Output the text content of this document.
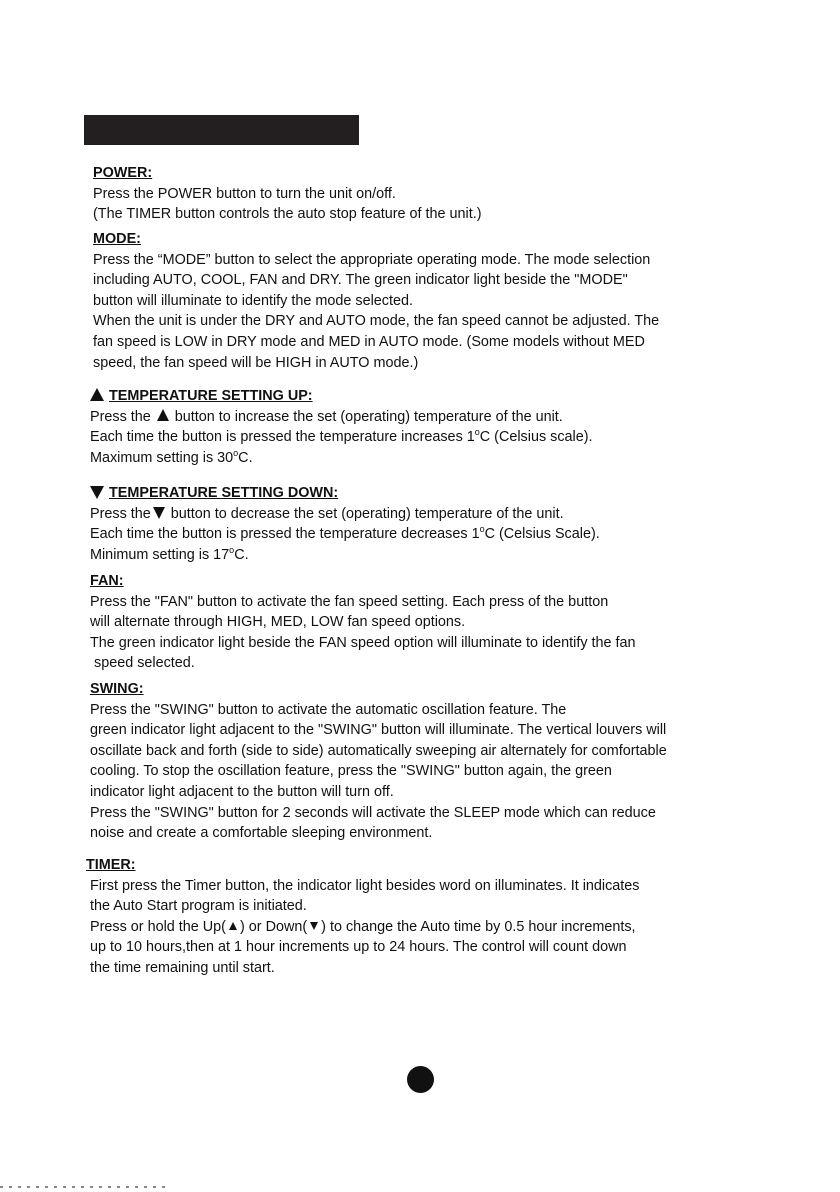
POWER:
Press the POWER button to turn the unit on/off.
(The TIMER button controls the auto stop feature of the unit.)
MODE:
Press the “MODE” button to select the appropriate operating mode. The mode selection
including AUTO, COOL, FAN and DRY. The green indicator light beside the "MODE"
button will illuminate to identify the mode selected.
When the unit is under the DRY and AUTO mode, the fan speed cannot be adjusted. The
fan speed is LOW in DRY mode and MED in AUTO mode. (Some models without MED
speed, the fan speed will be HIGH in AUTO mode.)
TEMPERATURE SETTING UP:
Press the button to increase the set (operating) temperature of the unit.
Each time the button is pressed the temperature increases 1$^o$C (Celsius scale).
Maximum setting is 30$^o$C.
TEMPERATURE SETTING DOWN:
Press the button to decrease the set (operating) temperature of the unit.
Each time the button is pressed the temperature decreases 1$^o$C (Celsius Scale).
Minimum setting is 17$^o$C.
FAN:
Press the "FAN" button to activate the fan speed setting. Each press of the button
will alternate through HIGH, MED, LOW fan speed options.
The green indicator light beside the FAN speed option will illuminate to identify the fan
speed selected.
SWING:
Press the "SWING" button to activate the automatic oscillation feature. The
green indicator light adjacent to the "SWING" button will illuminate. The vertical louvers will
oscillate back and forth (side to side) automatically sweeping air alternately for comfortable
cooling. To stop the oscillation feature, press the "SWING" button again, the green
indicator light adjacent to the button will turn off.
Press the "SWING" button for 2 seconds will activate the SLEEP mode which can reduce
noise and create a comfortable sleeping environment.
TIMER:
First press the Timer button, the indicator light besides word on illuminates. It indicates
the Auto Start program is initiated.
Press or hold the Up( ) or Down( ) to change the Auto time by 0.5 hour increments,
up to 10 hours,then at 1 hour increments up to 24 hours. The control will count down
the time remaining until start.
